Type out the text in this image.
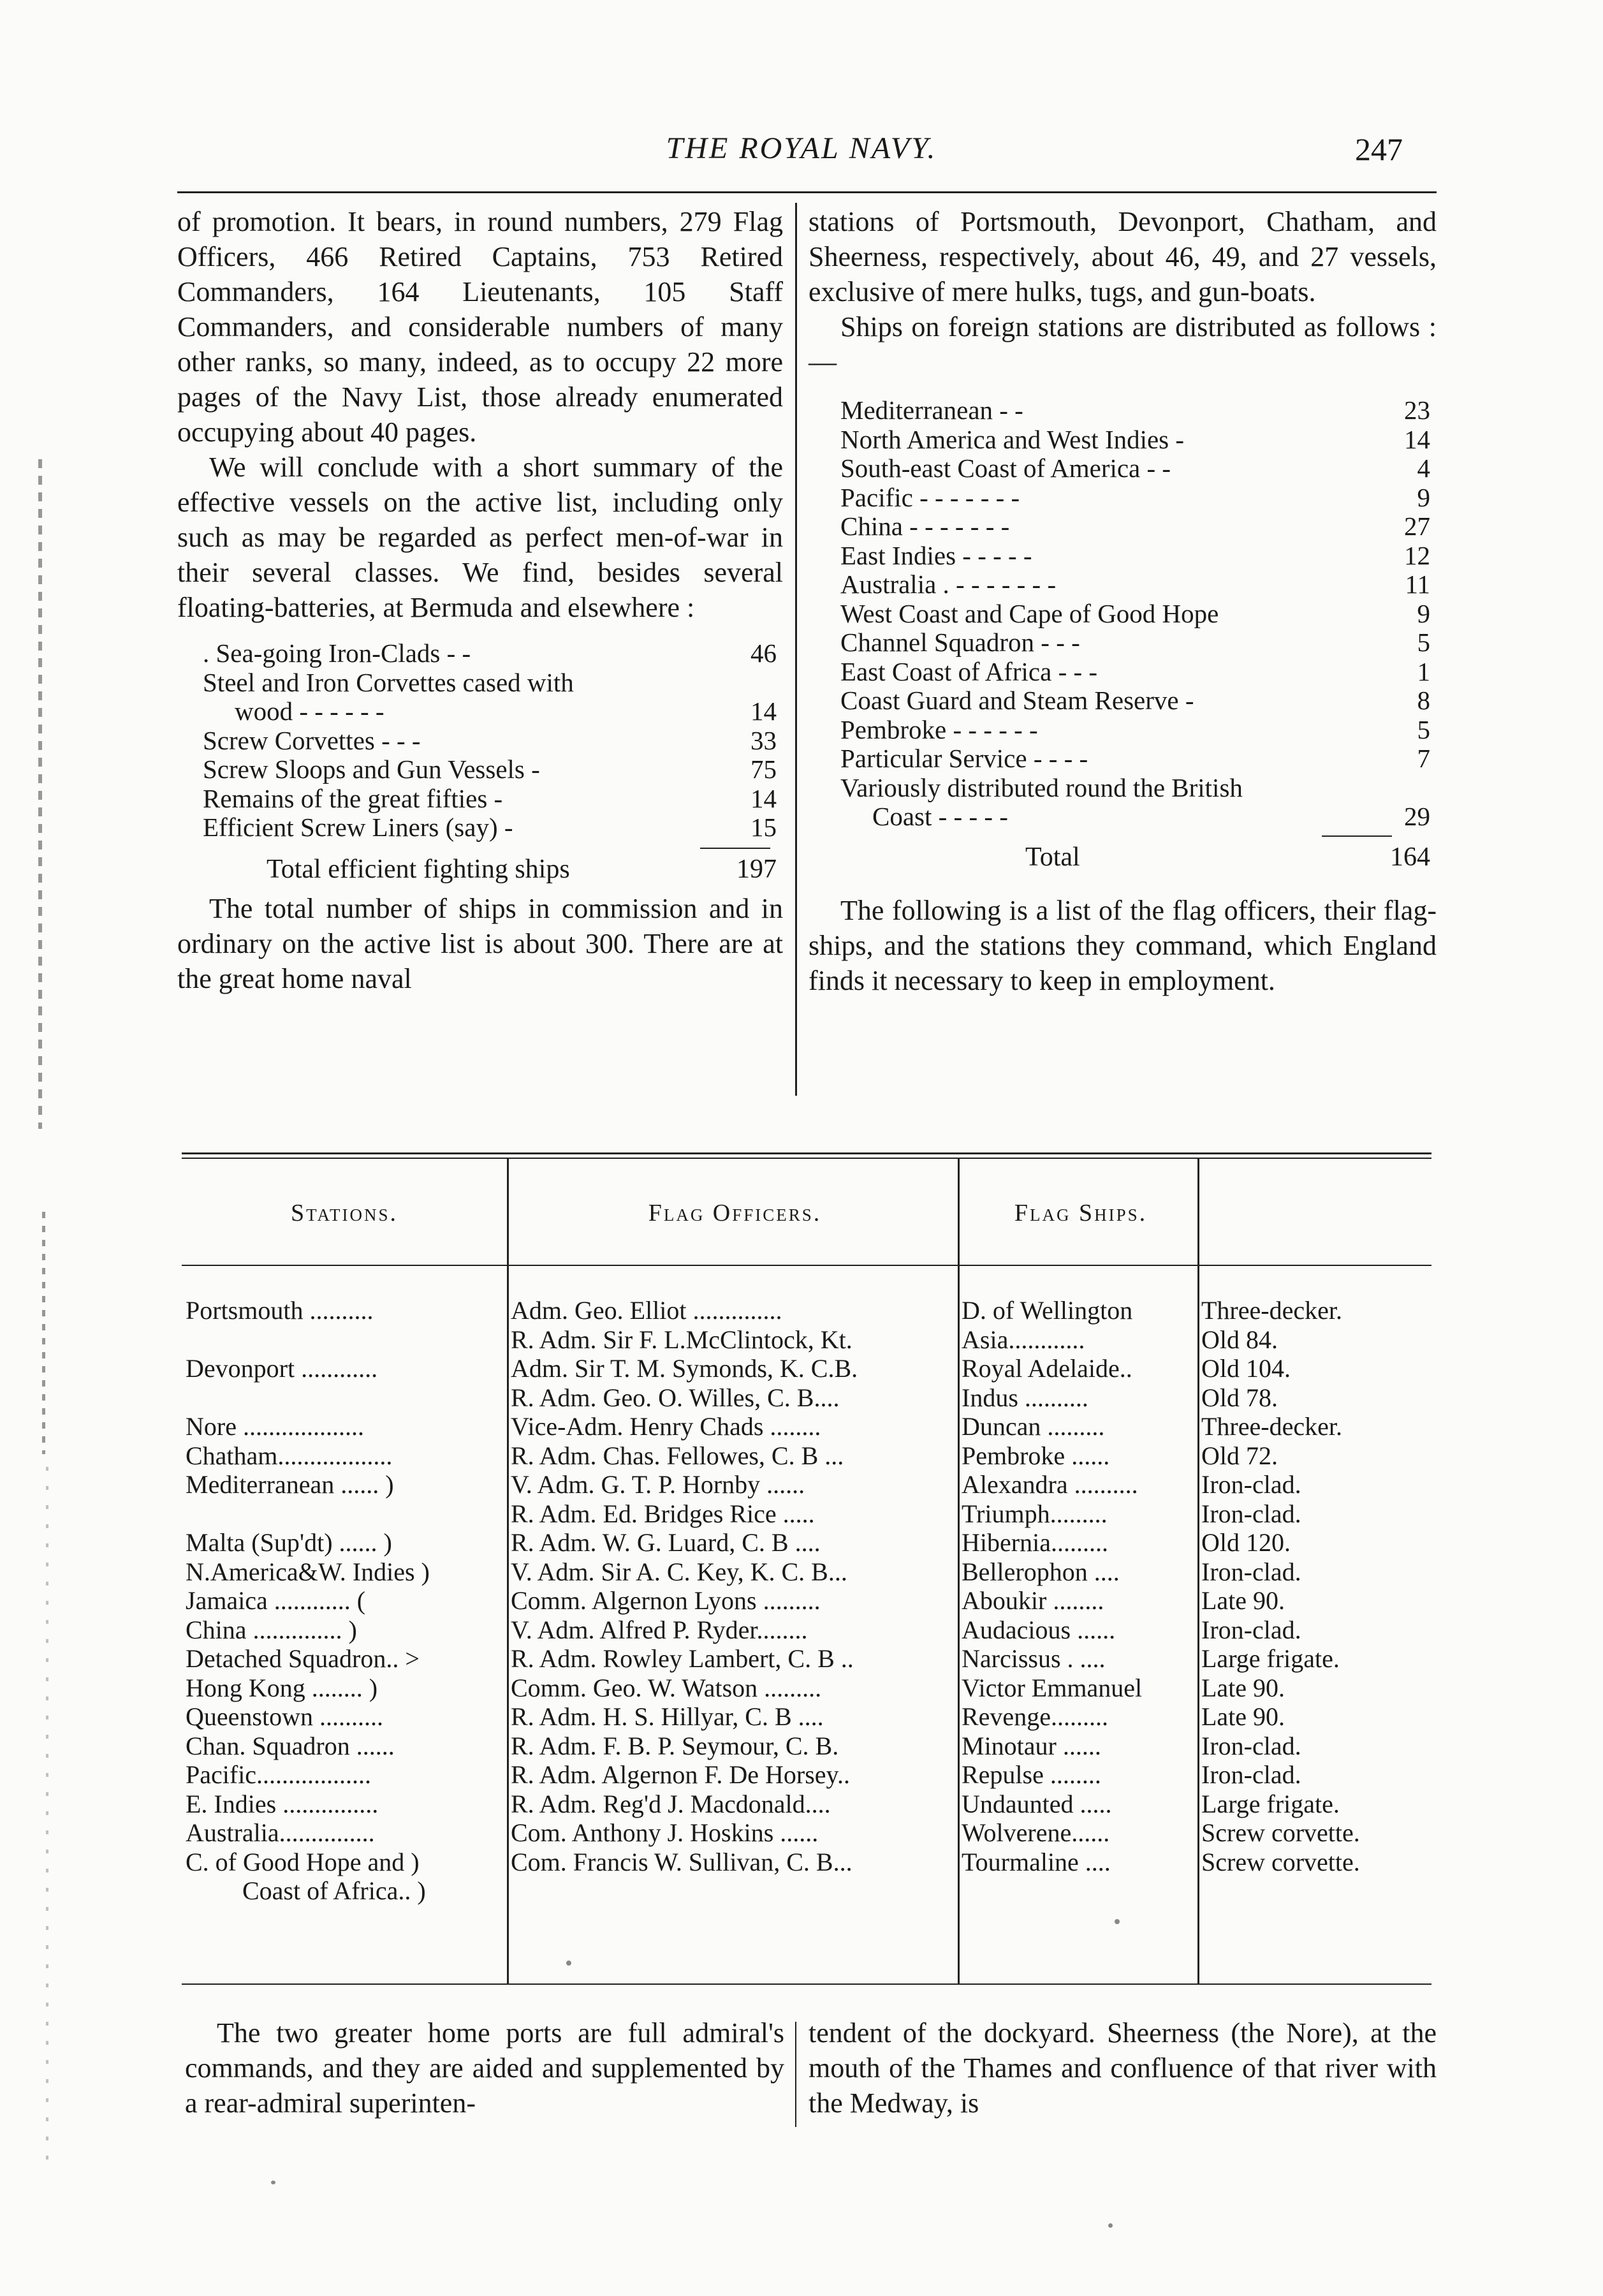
THE ROYAL NAVY.	247

of promotion. It bears, in round numbers, 279 Flag Officers, 466 Retired Captains, 753 Retired Commanders, 164 Lieutenants, 105 Staff Commanders, and considerable numbers of many other ranks, so many, indeed, as to occupy 22 more pages of the Navy List, those already enumerated occupying about 40 pages.

We will conclude with a short summary of the effective vessels on the active list, including only such as may be regarded as perfect men-of-war in their several classes. We find, besides several floating-batteries, at Bermuda and elsewhere :

. Sea-going Iron-Clads - -	46
Steel and Iron Corvettes cased with
wood - - - - - -	14
Screw Corvettes - - -	33
Screw Sloops and Gun Vessels -	75
Remains of the great fifties -	14
Efficient Screw Liners (say) -	15
Total efficient fighting ships	197

The total number of ships in commission and in ordinary on the active list is about 300. There are at the great home naval

stations of Portsmouth, Devonport, Chatham, and Sheerness, respectively, about 46, 49, and 27 vessels, exclusive of mere hulks, tugs, and gun-boats.

Ships on foreign stations are distributed as follows :—

Mediterranean - -	23
North America and West Indies -	14
South-east Coast of America - -	4
Pacific - - - - - - -	9
China - - - - - - -	27
East Indies - - - - -	12
Australia . - - - - - - -	11
West Coast and Cape of Good Hope	9
Channel Squadron - - -	5
East Coast of Africa - - -	1
Coast Guard and Steam Reserve -	8
Pembroke - - - - - -	5
Particular Service - - - -	7
Variously distributed round the British
Coast - - - - -	29
Total	164

The following is a list of the flag officers, their flag-ships, and the stations they command, which England finds it necessary to keep in employment.

Stations.	Flag Officers.	Flag Ships.
Portsmouth ..........	Adm. Geo. Elliot ..............	D. of Wellington	Three-decker.
	R. Adm. Sir F. L.McClintock, Kt.	Asia............	Old 84.
Devonport ............	Adm. Sir T. M. Symonds, K. C.B.	Royal Adelaide..	Old 104.
	R. Adm. Geo. O. Willes, C. B....	Indus ..........	Old 78.
Nore ...................	Vice-Adm. Henry Chads ........	Duncan .........	Three-decker.
Chatham..................	R. Adm. Chas. Fellowes, C. B ...	Pembroke ......	Old 72.
Mediterranean ...... )	V. Adm. G. T. P. Hornby ......	Alexandra ..........	Iron-clad.
	R. Adm. Ed. Bridges Rice .....	Triumph.........	Iron-clad.
Malta (Sup'dt) ...... )	R. Adm. W. G. Luard, C. B ....	Hibernia.........	Old 120.
N.America&W. Indies )	V. Adm. Sir A. C. Key, K. C. B...	Bellerophon ....	Iron-clad.
Jamaica ............ (	Comm. Algernon Lyons .........	Aboukir ........	Late 90.
China .............. )	V. Adm. Alfred P. Ryder........	Audacious ......	Iron-clad.
Detached Squadron.. >	R. Adm. Rowley Lambert, C. B ..	Narcissus . ....	Large frigate.
Hong Kong ........ )	Comm. Geo. W. Watson .........	Victor Emmanuel	Late 90.
Queenstown ..........	R. Adm. H. S. Hillyar, C. B ....	Revenge.........	Late 90.
Chan. Squadron ......	R. Adm. F. B. P. Seymour, C. B.	Minotaur ......	Iron-clad.
Pacific..................	R. Adm. Algernon F. De Horsey..	Repulse ........	Iron-clad.
E. Indies ...............	R. Adm. Reg'd J. Macdonald....	Undaunted .....	Large frigate.
Australia...............	Com. Anthony J. Hoskins ......	Wolverene......	Screw corvette.
C. of Good Hope and )	Com. Francis W. Sullivan, C. B...	Tourmaline ....	Screw corvette.
Coast of Africa.. )			
The two greater home ports are full admiral's commands, and they are aided and supplemented by a rear-admiral superinten-
tendent of the dockyard. Sheerness (the Nore), at the mouth of the Thames and confluence of that river with the Medway, is
